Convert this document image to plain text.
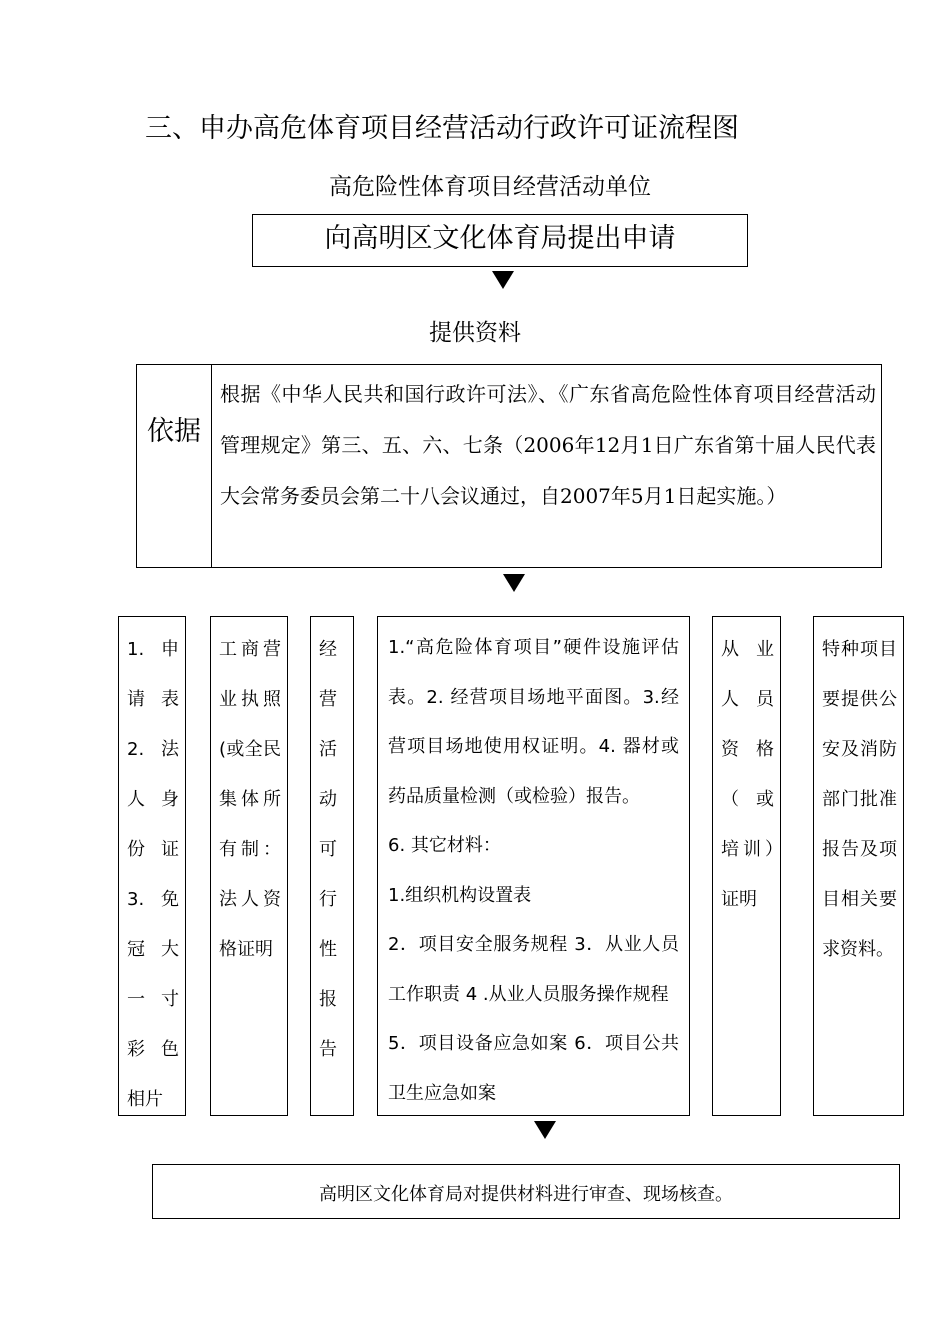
三、申办高危体育项目经营活动行政许可证流程图
高危险性体育项目经营活动单位
向高明区文化体育局提出申请
提供资料
依据
根据《中华人民共和国行政许可法》、《广东省高危险性体育项目经营活动管理规定》第三、五、六、七条（2006年12月1日广东省第十届人民代表大会常务委员会第二十八会议通过，自2007年5月1日起实施。）
1. 申请表 2.法人身份证 3.免冠大一寸彩色相片
工商营业执照(或全民集体所有制：法人资格证明
经营活动可行性报告

1.“高危险体育项目”硬件设施评估表。2. 经营项目场地平面图。3.经营项目场地使用权证明。4. 器材或药品质量检测（或检验）报告。

6. 其它材料：

1.组织机构设置表

2．项目安全服务规程 3．从业人员工作职责 4 .从业人员服务操作规程

5．项目设备应急如案 6．项目公共卫生应急如案

从业人员资格（或培训）证明
特种项目要提供公安及消防部门批准报告及项目相关要求资料。
高明区文化体育局对提供材料进行审查、现场核查。
